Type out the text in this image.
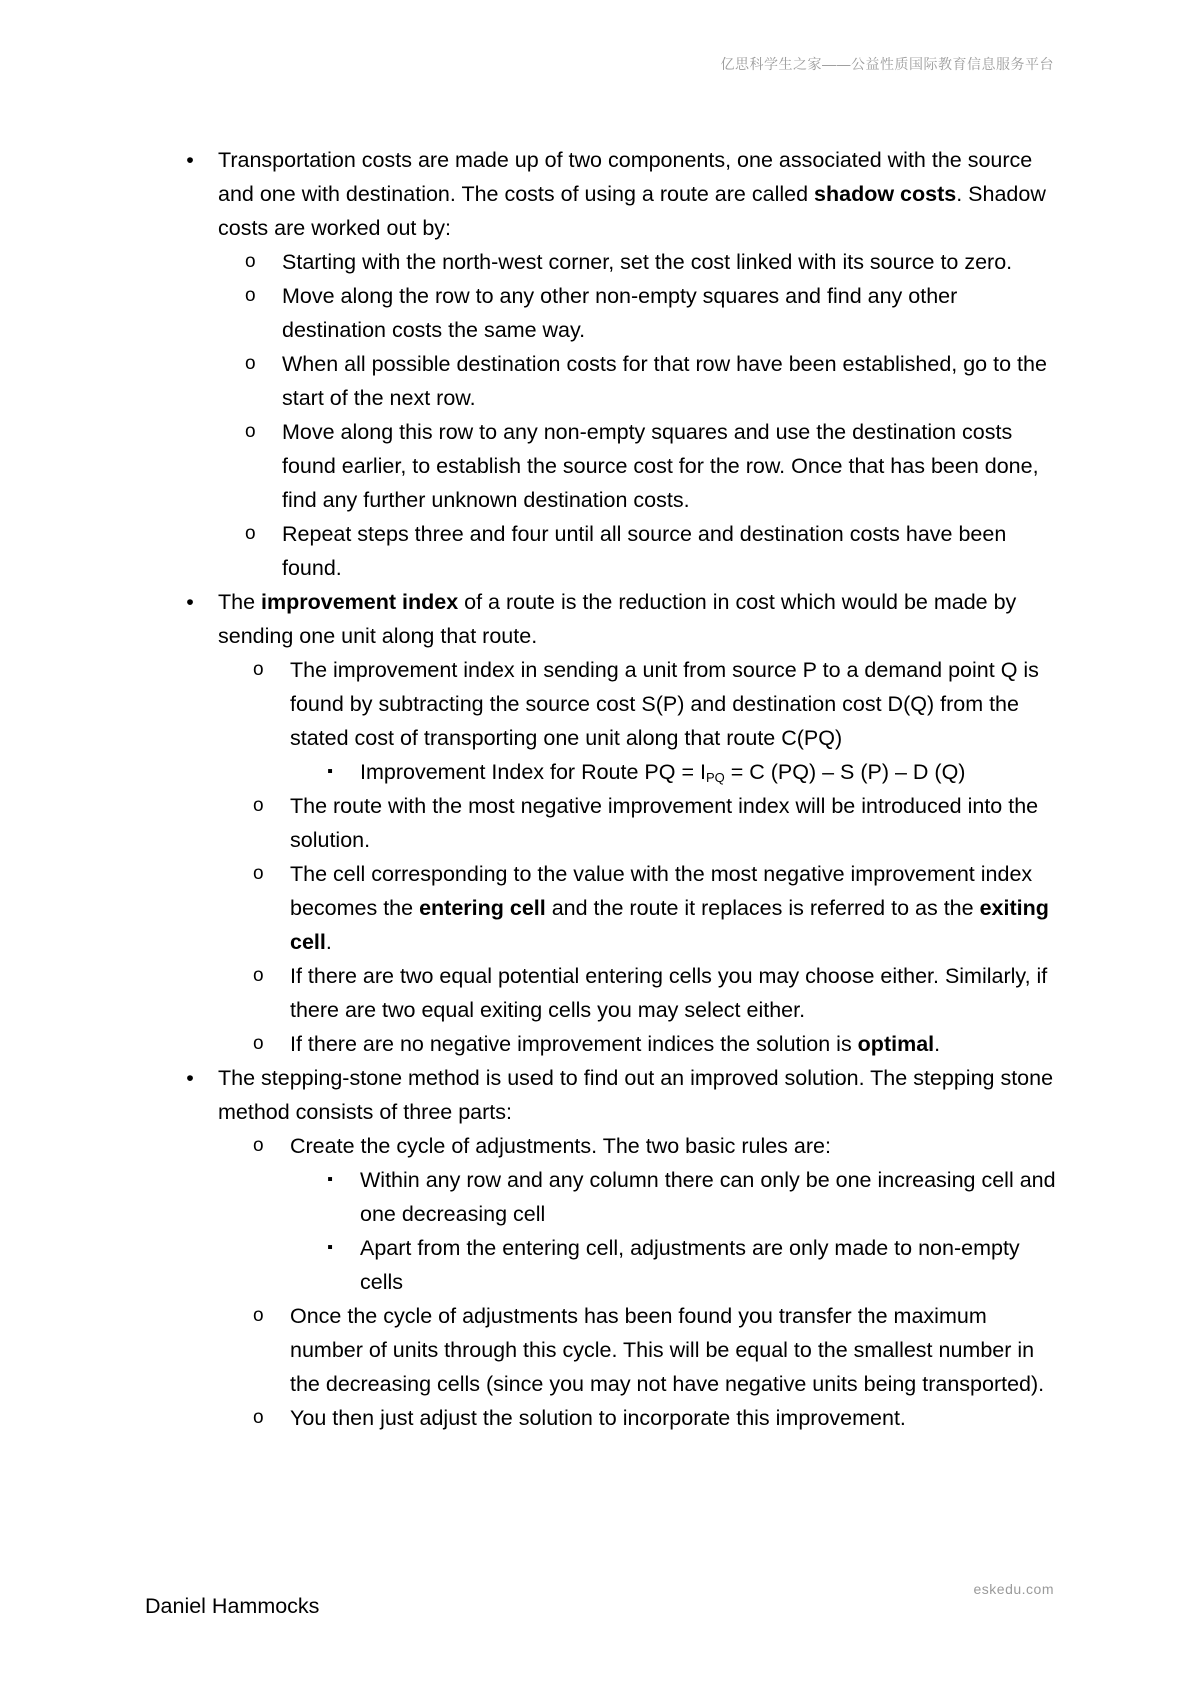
亿思科学生之家——公益性质国际教育信息服务平台
• Transportation costs are made up of two components, one associated with the source and one with destination. The costs of using a route are called shadow costs. Shadow costs are worked out by:
o Starting with the north-west corner, set the cost linked with its source to zero.
o Move along the row to any other non-empty squares and find any other destination costs the same way.
o When all possible destination costs for that row have been established, go to the start of the next row.
o Move along this row to any non-empty squares and use the destination costs found earlier, to establish the source cost for the row. Once that has been done, find any further unknown destination costs.
o Repeat steps three and four until all source and destination costs have been found.
• The improvement index of a route is the reduction in cost which would be made by sending one unit along that route.
o The improvement index in sending a unit from source P to a demand point Q is found by subtracting the source cost S(P) and destination cost D(Q) from the stated cost of transporting one unit along that route C(PQ)
▪ Improvement Index for Route PQ = $I_{PQ} = C$ (PQ) – S (P) – D (Q)
o The route with the most negative improvement index will be introduced into the solution.
o The cell corresponding to the value with the most negative improvement index becomes the entering cell and the route it replaces is referred to as the exiting cell.
o If there are two equal potential entering cells you may choose either. Similarly, if there are two equal exiting cells you may select either.
o If there are no negative improvement indices the solution is optimal.
• The stepping-stone method is used to find out an improved solution. The stepping stone method consists of three parts:
o Create the cycle of adjustments. The two basic rules are:
▪ Within any row and any column there can only be one increasing cell and one decreasing cell
▪ Apart from the entering cell, adjustments are only made to non-empty cells
o Once the cycle of adjustments has been found you transfer the maximum number of units through this cycle. This will be equal to the smallest number in the decreasing cells (since you may not have negative units being transported).
o You then just adjust the solution to incorporate this improvement.
eskedu.com
Daniel Hammocks
